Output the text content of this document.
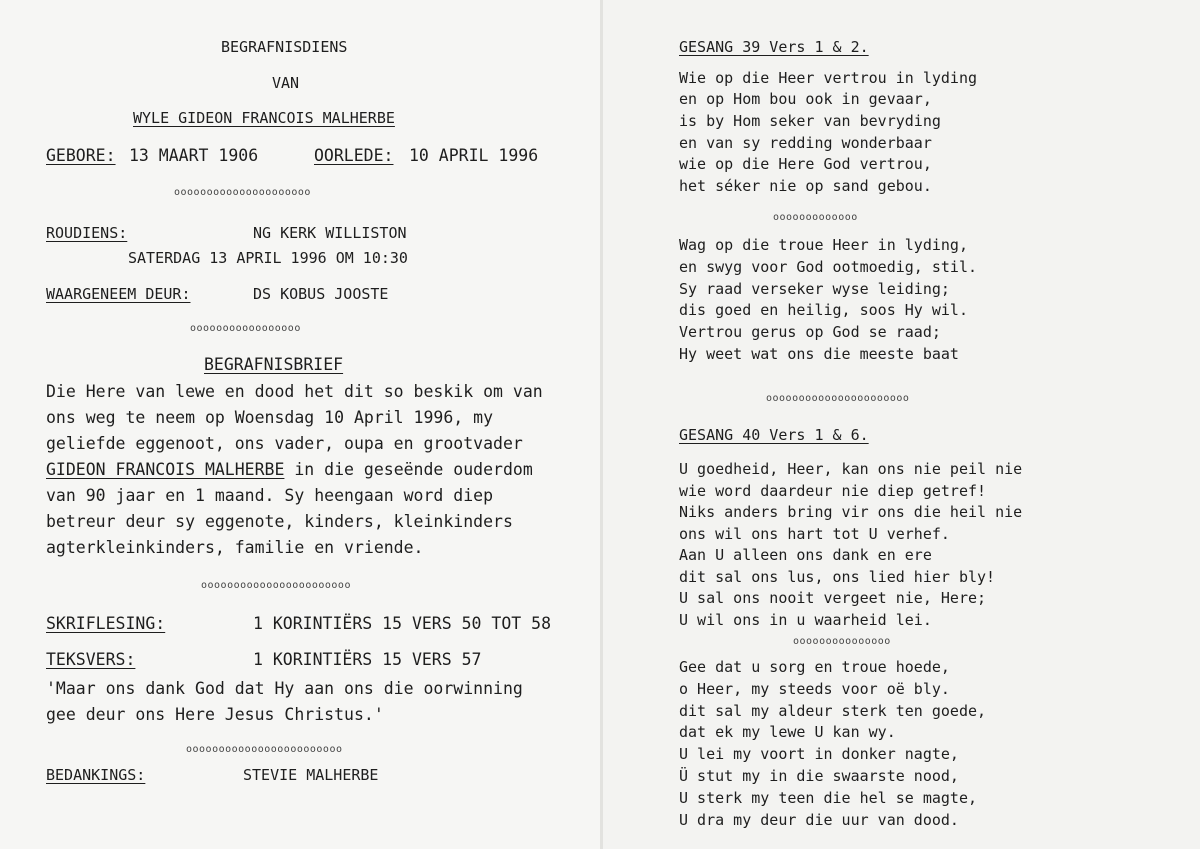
BEGRAFNISDIENS
VAN
WYLE GIDEON FRANCOIS MALHERBE
GEBORE: 13 MAART 1906	OORLEDE: 10 APRIL 1996
ooooooooooooooooooooo
ROUDIENS:	NG KERK WILLISTON
SATERDAG 13 APRIL 1996 OM 10:30
WAARGENEEM DEUR:	DS KOBUS JOOSTE
ooooooooooooooooo
BEGRAFNISBRIEF
Die Here van lewe en dood het dit so beskik om van
ons weg te neem op Woensdag 10 April 1996, my
geliefde eggenoot, ons vader, oupa en grootvader
GIDEON FRANCOIS MALHERBE in die geseënde ouderdom
van 90 jaar en 1 maand. Sy heengaan word diep
betreur deur sy eggenote, kinders, kleinkinders
agterkleinkinders, familie en vriende.
ooooooooooooooooooooooo
SKRIFLESING:	1 KORINTIËRS 15 VERS 50 TOT 58
TEKSVERS:	1 KORINTIËRS 15 VERS 57
'Maar ons dank God dat Hy aan ons die oorwinning
gee deur ons Here Jesus Christus.'
oooooooooooooooooooooooo
BEDANKINGS:	STEVIE MALHERBE
GESANG 39 Vers 1 & 2.
Wie op die Heer vertrou in lyding
en op Hom bou ook in gevaar,
is by Hom seker van bevryding
en van sy redding wonderbaar
wie op die Here God vertrou,
het séker nie op sand gebou.
ooooooooooooo
Wag op die troue Heer in lyding,
en swyg voor God ootmoedig, stil.
Sy raad verseker wyse leiding;
dis goed en heilig, soos Hy wil.
Vertrou gerus op God se raad;
Hy weet wat ons die meeste baat
oooooooooooooooooooooo
GESANG 40 Vers 1 & 6.
U goedheid, Heer, kan ons nie peil nie
wie word daardeur nie diep getref!
Niks anders bring vir ons die heil nie
ons wil ons hart tot U verhef.
Aan U alleen ons dank en ere
dit sal ons lus, ons lied hier bly!
U sal ons nooit vergeet nie, Here;
U wil ons in u waarheid lei.
ooooooooooooooo
Gee dat u sorg en troue hoede,
o Heer, my steeds voor oë bly.
dit sal my aldeur sterk ten goede,
dat ek my lewe U kan wy.
U lei my voort in donker nagte,
Ü stut my in die swaarste nood,
U sterk my teen die hel se magte,
U dra my deur die uur van dood.
